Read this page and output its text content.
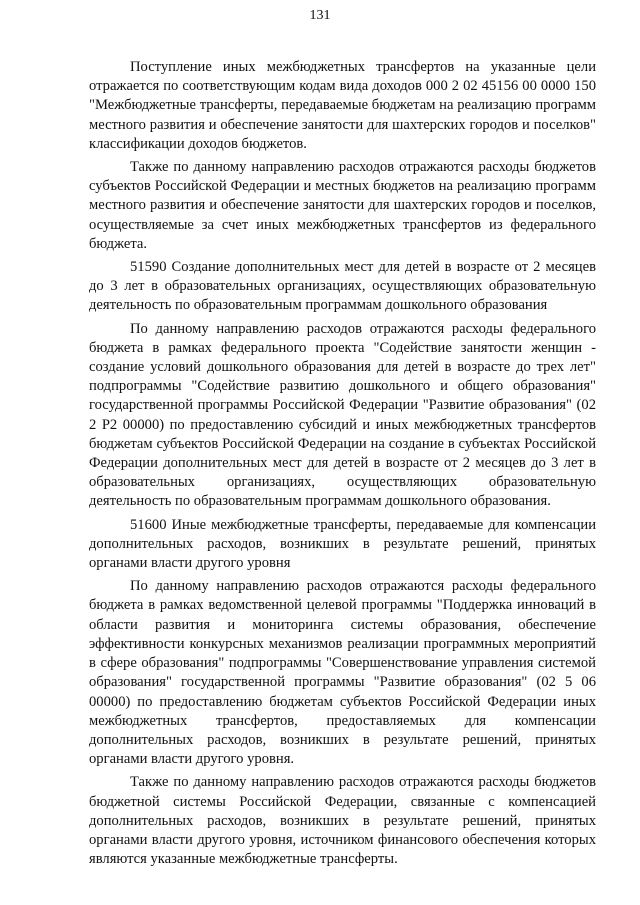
131

Поступление иных межбюджетных трансфертов на указанные цели отражается по соответствующим кодам вида доходов 000 2 02 45156 00 0000 150 "Межбюджетные трансферты, передаваемые бюджетам на реализацию программ местного развития и обеспечение занятости для шахтерских городов и поселков" классификации доходов бюджетов.

Также по данному направлению расходов отражаются расходы бюджетов субъектов Российской Федерации и местных бюджетов на реализацию программ местного развития и обеспечение занятости для шахтерских городов и поселков, осуществляемые за счет иных межбюджетных трансфертов из федерального бюджета.

51590 Создание дополнительных мест для детей в возрасте от 2 месяцев до 3 лет в образовательных организациях, осуществляющих образовательную деятельность по образовательным программам дошкольного образования

По данному направлению расходов отражаются расходы федерального бюджета в рамках федерального проекта "Содействие занятости женщин - создание условий дошкольного образования для детей в возрасте до трех лет" подпрограммы "Содействие развитию дошкольного и общего образования" государственной программы Российской Федерации "Развитие образования" (02 2 P2 00000) по предоставлению субсидий и иных межбюджетных трансфертов бюджетам субъектов Российской Федерации на создание в субъектах Российской Федерации дополнительных мест для детей в возрасте от 2 месяцев до 3 лет в образовательных организациях, осуществляющих образовательную деятельность по образовательным программам дошкольного образования.

51600 Иные межбюджетные трансферты, передаваемые для компенсации дополнительных расходов, возникших в результате решений, принятых органами власти другого уровня

По данному направлению расходов отражаются расходы федерального бюджета в рамках ведомственной целевой программы "Поддержка инноваций в области развития и мониторинга системы образования, обеспечение эффективности конкурсных механизмов реализации программных мероприятий в сфере образования" подпрограммы "Совершенствование управления системой образования" государственной программы "Развитие образования" (02 5 06 00000) по предоставлению бюджетам субъектов Российской Федерации иных межбюджетных трансфертов, предоставляемых для компенсации дополнительных расходов, возникших в результате решений, принятых органами власти другого уровня.

Также по данному направлению расходов отражаются расходы бюджетов бюджетной системы Российской Федерации, связанные с компенсацией дополнительных расходов, возникших в результате решений, принятых органами власти другого уровня, источником финансового обеспечения которых являются указанные межбюджетные трансферты.
